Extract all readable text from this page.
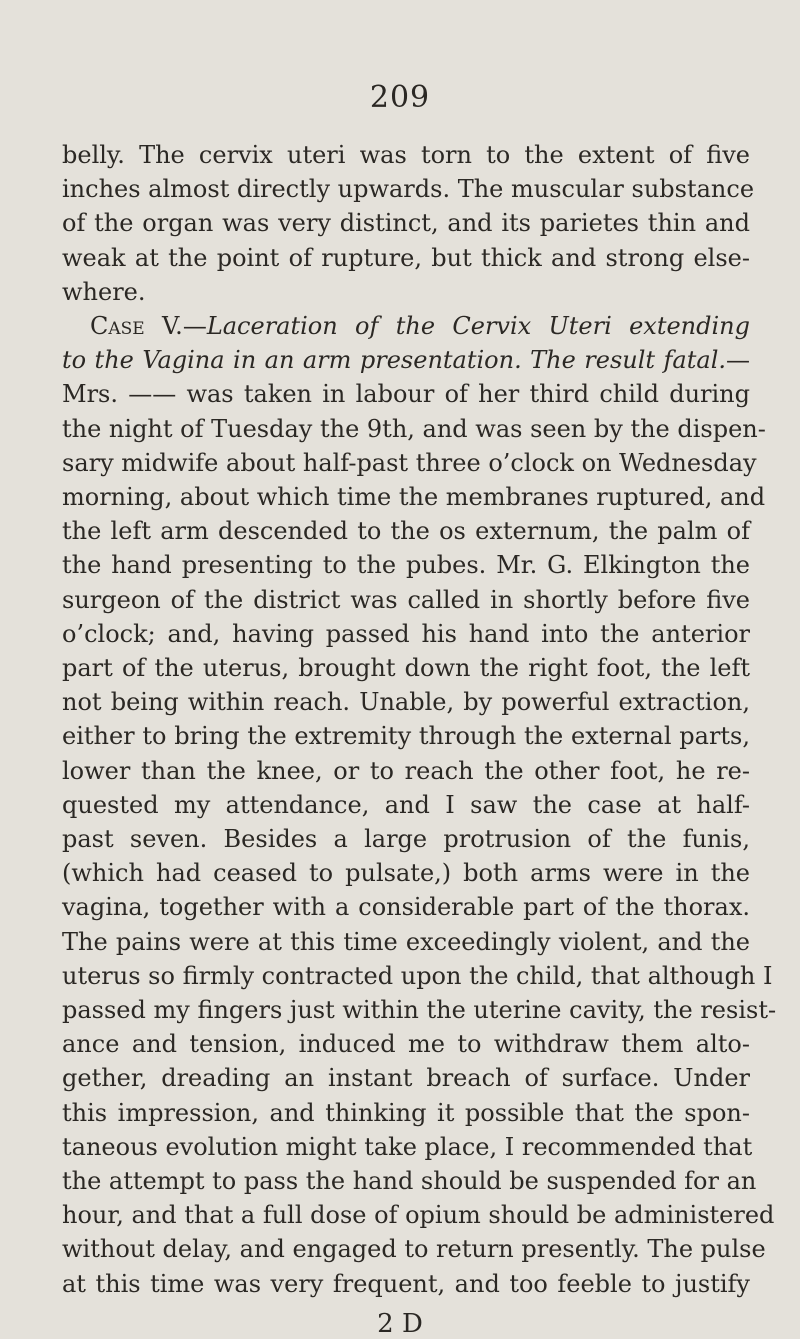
209
belly. The cervix uteri was torn to the extent of five
inches almost directly upwards. The muscular substance
of the organ was very distinct, and its parietes thin and
weak at the point of rupture, but thick and strong else-
where.
Case V.—Laceration of the Cervix Uteri extending
to the Vagina in an arm presentation. The result fatal.—
Mrs. —— was taken in labour of her third child during
the night of Tuesday the 9th, and was seen by the dispen-
sary midwife about half-past three o’clock on Wednesday
morning, about which time the membranes ruptured, and
the left arm descended to the os externum, the palm of
the hand presenting to the pubes. Mr. G. Elkington the
surgeon of the district was called in shortly before five
o’clock; and, having passed his hand into the anterior
part of the uterus, brought down the right foot, the left
not being within reach. Unable, by powerful extraction,
either to bring the extremity through the external parts,
lower than the knee, or to reach the other foot, he re-
quested my attendance, and I saw the case at half-
past seven. Besides a large protrusion of the funis,
(which had ceased to pulsate,) both arms were in the
vagina, together with a considerable part of the thorax.
The pains were at this time exceedingly violent, and the
uterus so firmly contracted upon the child, that although I
passed my fingers just within the uterine cavity, the resist-
ance and tension, induced me to withdraw them alto-
gether, dreading an instant breach of surface. Under
this impression, and thinking it possible that the spon-
taneous evolution might take place, I recommended that
the attempt to pass the hand should be suspended for an
hour, and that a full dose of opium should be administered
without delay, and engaged to return presently. The pulse
at this time was very frequent, and too feeble to justify
2 D
